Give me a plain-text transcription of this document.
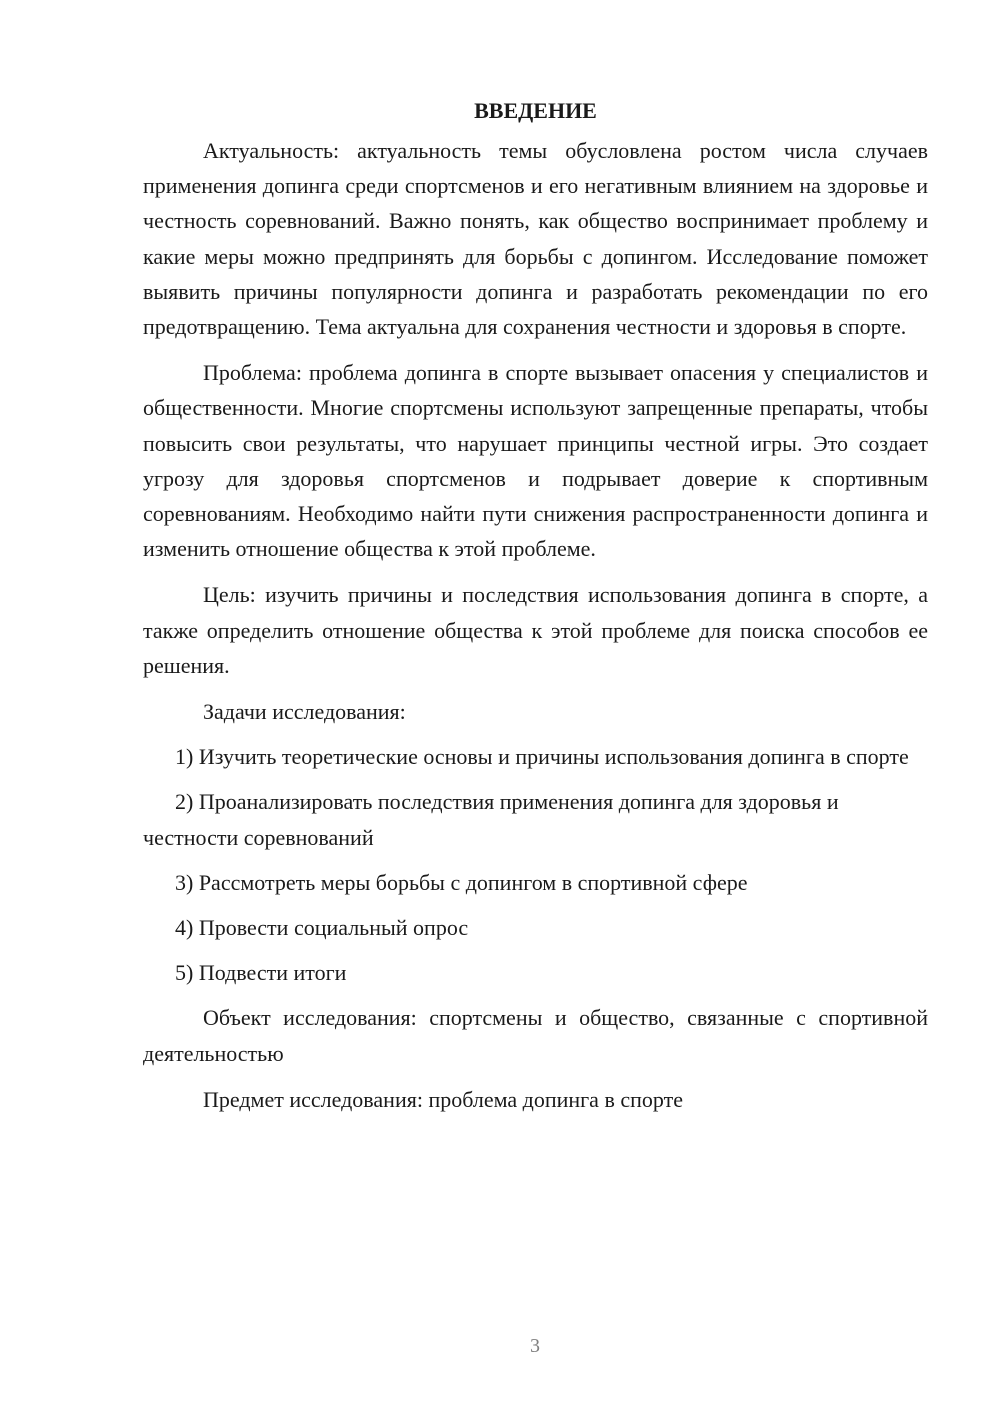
ВВЕДЕНИЕ

Актуальность: актуальность темы обусловлена ростом числа случаев применения допинга среди спортсменов и его негативным влиянием на здоровье и честность соревнований. Важно понять, как общество воспринимает проблему и какие меры можно предпринять для борьбы с допингом. Исследование поможет выявить причины популярности допинга и разработать рекомендации по его предотвращению. Тема актуальна для сохранения честности и здоровья в спорте.

Проблема: проблема допинга в спорте вызывает опасения у специалистов и общественности. Многие спортсмены используют запрещенные препараты, чтобы повысить свои результаты, что нарушает принципы честной игры. Это создает угрозу для здоровья спортсменов и подрывает доверие к спортивным соревнованиям. Необходимо найти пути снижения распространенности допинга и изменить отношение общества к этой проблеме.

Цель: изучить причины и последствия использования допинга в спорте, а также определить отношение общества к этой проблеме для поиска способов ее решения.

Задачи исследования:

1) Изучить теоретические основы и причины использования допинга в спорте

2) Проанализировать последствия применения допинга для здоровья и честности соревнований

3) Рассмотреть меры борьбы с допингом в спортивной сфере

4) Провести социальный опрос

5) Подвести итоги

Объект исследования: спортсмены и общество, связанные с спортивной деятельностью

Предмет исследования: проблема допинга в спорте

3
